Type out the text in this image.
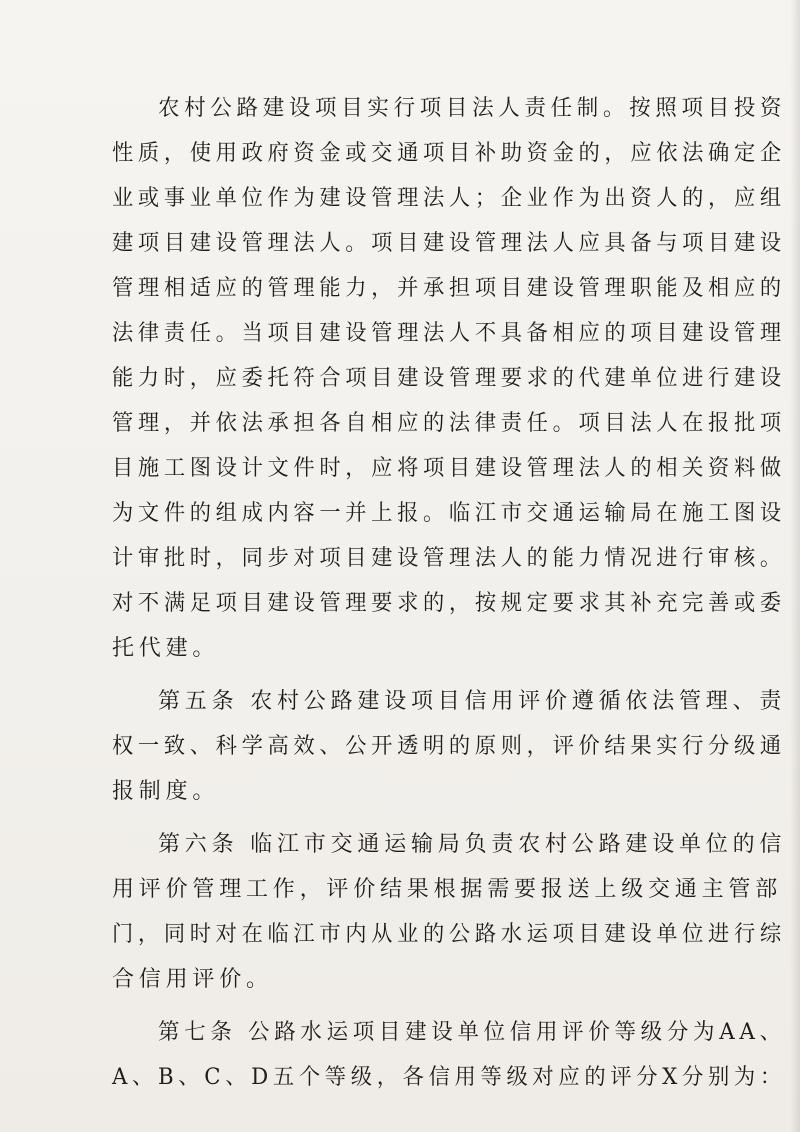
农村公路建设项目实行项目法人责任制。按照项目投资
性质，使用政府资金或交通项目补助资金的，应依法确定企
业或事业单位作为建设管理法人；企业作为出资人的，应组
建项目建设管理法人。项目建设管理法人应具备与项目建设
管理相适应的管理能力，并承担项目建设管理职能及相应的
法律责任。当项目建设管理法人不具备相应的项目建设管理
能力时，应委托符合项目建设管理要求的代建单位进行建设
管理，并依法承担各自相应的法律责任。项目法人在报批项
目施工图设计文件时，应将项目建设管理法人的相关资料做
为文件的组成内容一并上报。临江市交通运输局在施工图设
计审批时，同步对项目建设管理法人的能力情况进行审核。
对不满足项目建设管理要求的，按规定要求其补充完善或委
托代建。
第五条 农村公路建设项目信用评价遵循依法管理、责
权一致、科学高效、公开透明的原则，评价结果实行分级通
报制度。
第六条 临江市交通运输局负责农村公路建设单位的信
用评价管理工作，评价结果根据需要报送上级交通主管部
门，同时对在临江市内从业的公路水运项目建设单位进行综
合信用评价。
第七条 公路水运项目建设单位信用评价等级分为AA、
A、B、C、D五个等级，各信用等级对应的评分X分别为：
